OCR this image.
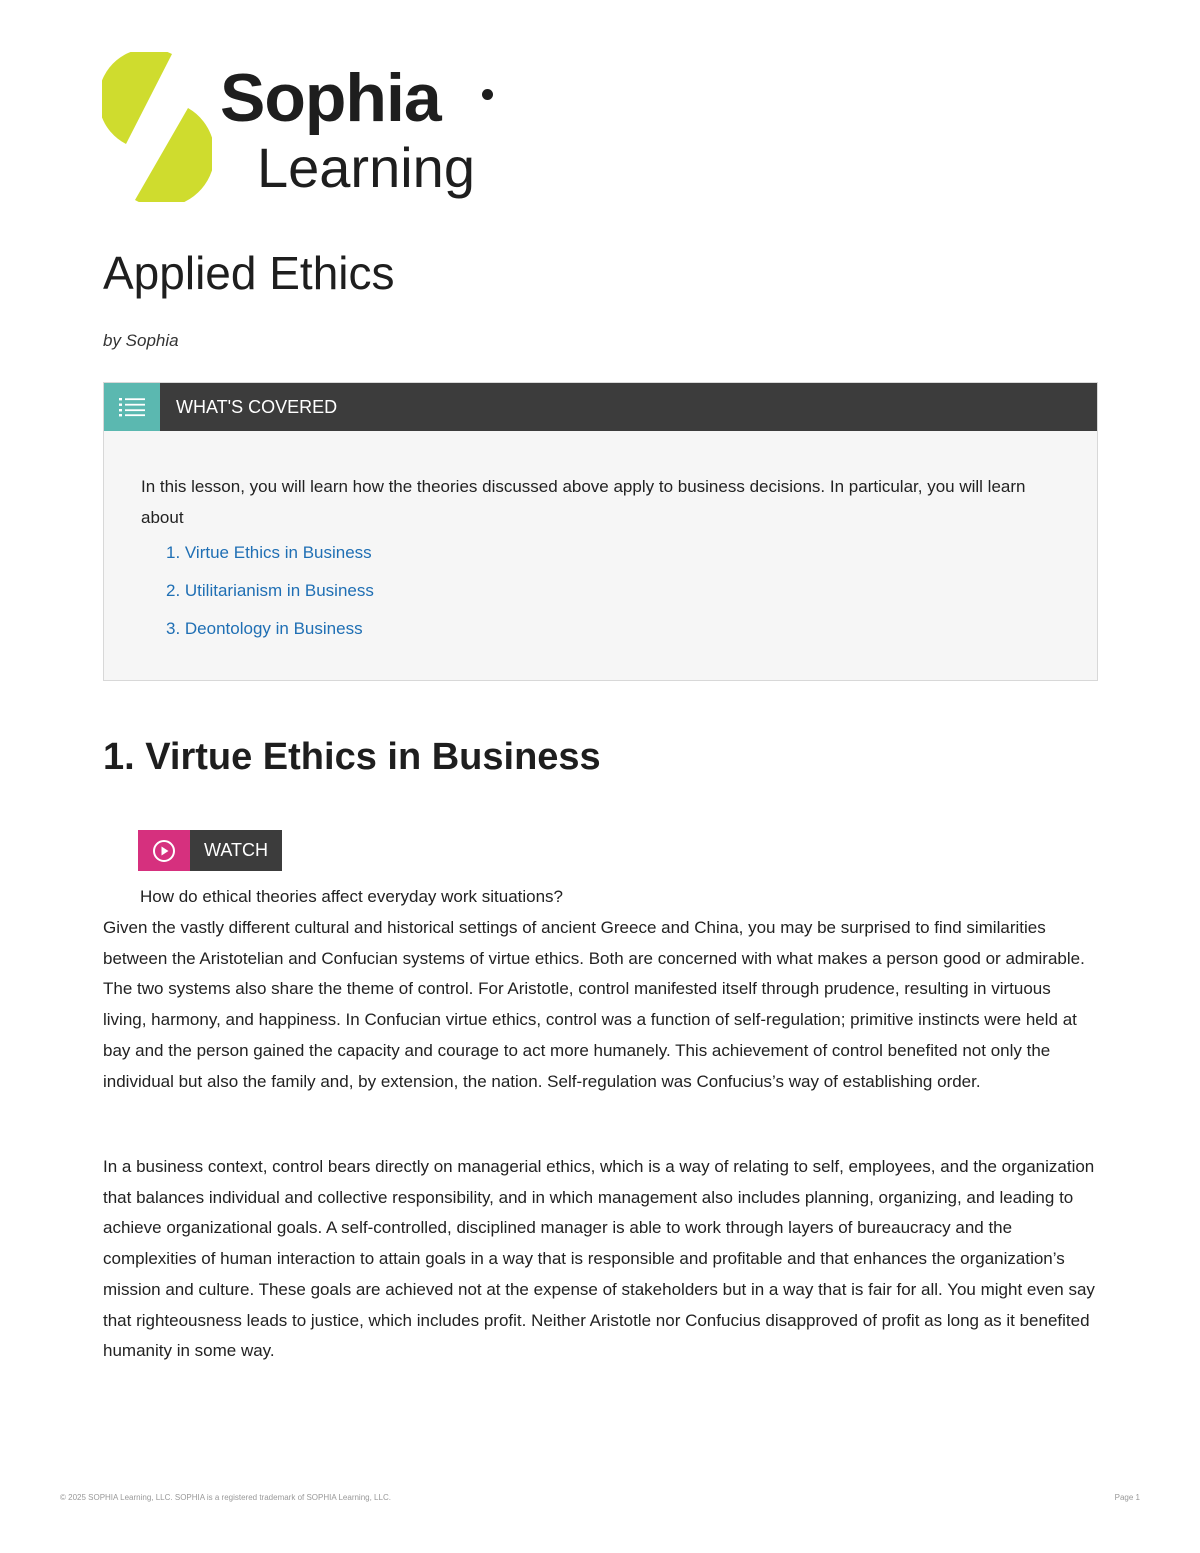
Sophia
Learning
Applied Ethics
by Sophia
WHAT'S COVERED

In this lesson, you will learn how the theories discussed above apply to business decisions. In particular, you will learn about

1. Virtue Ethics in Business
2. Utilitarianism in Business
3. Deontology in Business
1. Virtue Ethics in Business
WATCH
How do ethical theories affect everyday work situations?

Given the vastly different cultural and historical settings of ancient Greece and China, you may be surprised to find similarities between the Aristotelian and Confucian systems of virtue ethics. Both are concerned with what makes a person good or admirable. The two systems also share the theme of control. For Aristotle, control manifested itself through prudence, resulting in virtuous living, harmony, and happiness. In Confucian virtue ethics, control was a function of self-regulation; primitive instincts were held at bay and the person gained the capacity and courage to act more humanely. This achievement of control benefited not only the individual but also the family and, by extension, the nation. Self-regulation was Confucius’s way of establishing order.

In a business context, control bears directly on managerial ethics, which is a way of relating to self, employees, and the organization that balances individual and collective responsibility, and in which management also includes planning, organizing, and leading to achieve organizational goals. A self-controlled, disciplined manager is able to work through layers of bureaucracy and the complexities of human interaction to attain goals in a way that is responsible and profitable and that enhances the organization’s mission and culture. These goals are achieved not at the expense of stakeholders but in a way that is fair for all. You might even say that righteousness leads to justice, which includes profit. Neither Aristotle nor Confucius disapproved of profit as long as it benefited humanity in some way.

© 2025 SOPHIA Learning, LLC. SOPHIA is a registered trademark of SOPHIA Learning, LLC.	Page 1
